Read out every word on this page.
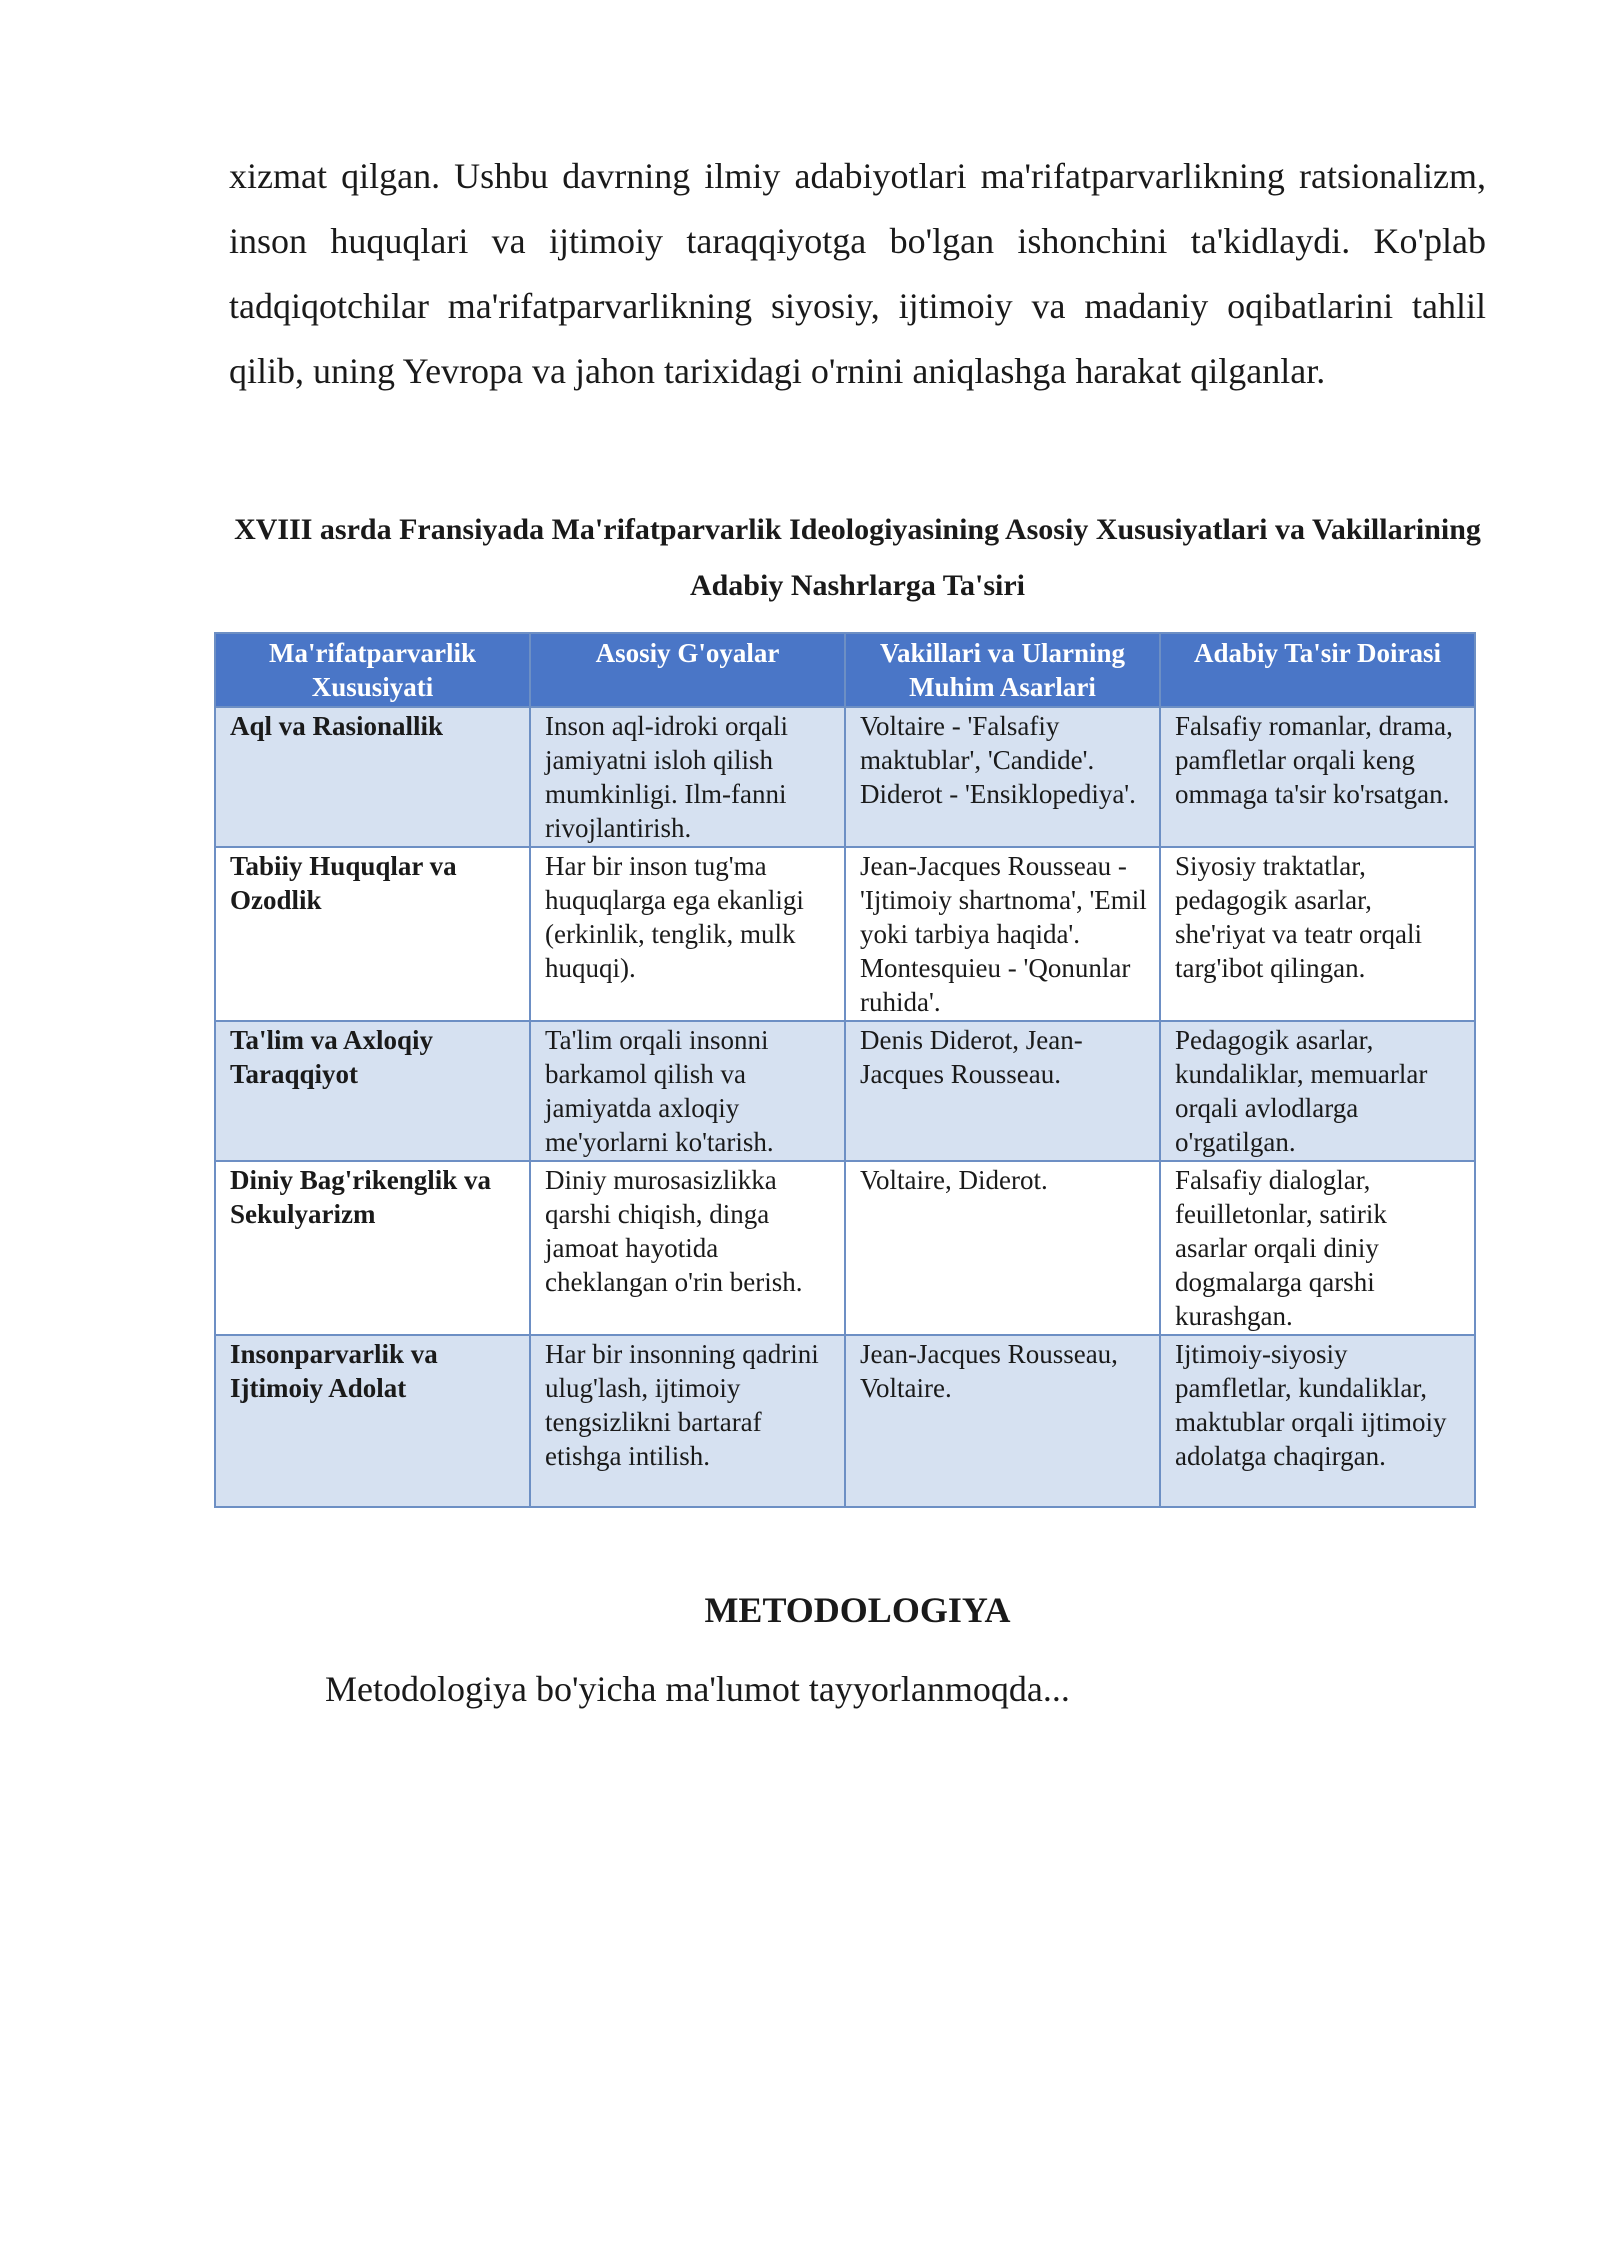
xizmat qilgan. Ushbu davrning ilmiy adabiyotlari ma'rifatparvarlikning ratsionalizm, inson huquqlari va ijtimoiy taraqqiyotga bo'lgan ishonchini ta'kidlaydi. Ko'plab tadqiqotchilar ma'rifatparvarlikning siyosiy, ijtimoiy va madaniy oqibatlarini tahlil qilib, uning Yevropa va jahon tarixidagi o'rnini aniqlashga harakat qilganlar.

XVIII asrda Fransiyada Ma'rifatparvarlik Ideologiyasining Asosiy Xususiyatlari va Vakillarining Adabiy Nashrlarga Ta'siri

Ma'rifatparvarlik Xususiyati	Asosiy G'oyalar	Vakillari va Ularning Muhim Asarlari	Adabiy Ta'sir Doirasi
Aql va Rasionallik	Inson aql-idroki orqali jamiyatni isloh qilish mumkinligi. Ilm-fanni rivojlantirish.	Voltaire - 'Falsafiy maktublar', 'Candide'. Diderot - 'Ensiklopediya'.	Falsafiy romanlar, drama, pamfletlar orqali keng ommaga ta'sir ko'rsatgan.
Tabiiy Huquqlar va Ozodlik	Har bir inson tug'ma huquqlarga ega ekanligi (erkinlik, tenglik, mulk huquqi).	Jean-Jacques Rousseau - 'Ijtimoiy shartnoma', 'Emil yoki tarbiya haqida'. Montesquieu - 'Qonunlar ruhida'.	Siyosiy traktatlar, pedagogik asarlar, she'riyat va teatr orqali targ'ibot qilingan.
Ta'lim va Axloqiy Taraqqiyot	Ta'lim orqali insonni barkamol qilish va jamiyatda axloqiy me'yorlarni ko'tarish.	Denis Diderot, Jean-Jacques Rousseau.	Pedagogik asarlar, kundaliklar, memuarlar orqali avlodlarga o'rgatilgan.
Diniy Bag'rikenglik va Sekulyarizm	Diniy murosasizlikka qarshi chiqish, dinga jamoat hayotida cheklangan o'rin berish.	Voltaire, Diderot.	Falsafiy dialoglar, feuilletonlar, satirik asarlar orqali diniy dogmalarga qarshi kurashgan.
Insonparvarlik va Ijtimoiy Adolat	Har bir insonning qadrini ulug'lash, ijtimoiy tengsizlikni bartaraf etishga intilish.	Jean-Jacques Rousseau, Voltaire.	Ijtimoiy-siyosiy pamfletlar, kundaliklar, maktublar orqali ijtimoiy adolatga chaqirgan.
METODOLOGIYA

Metodologiya bo'yicha ma'lumot tayyorlanmoqda...
